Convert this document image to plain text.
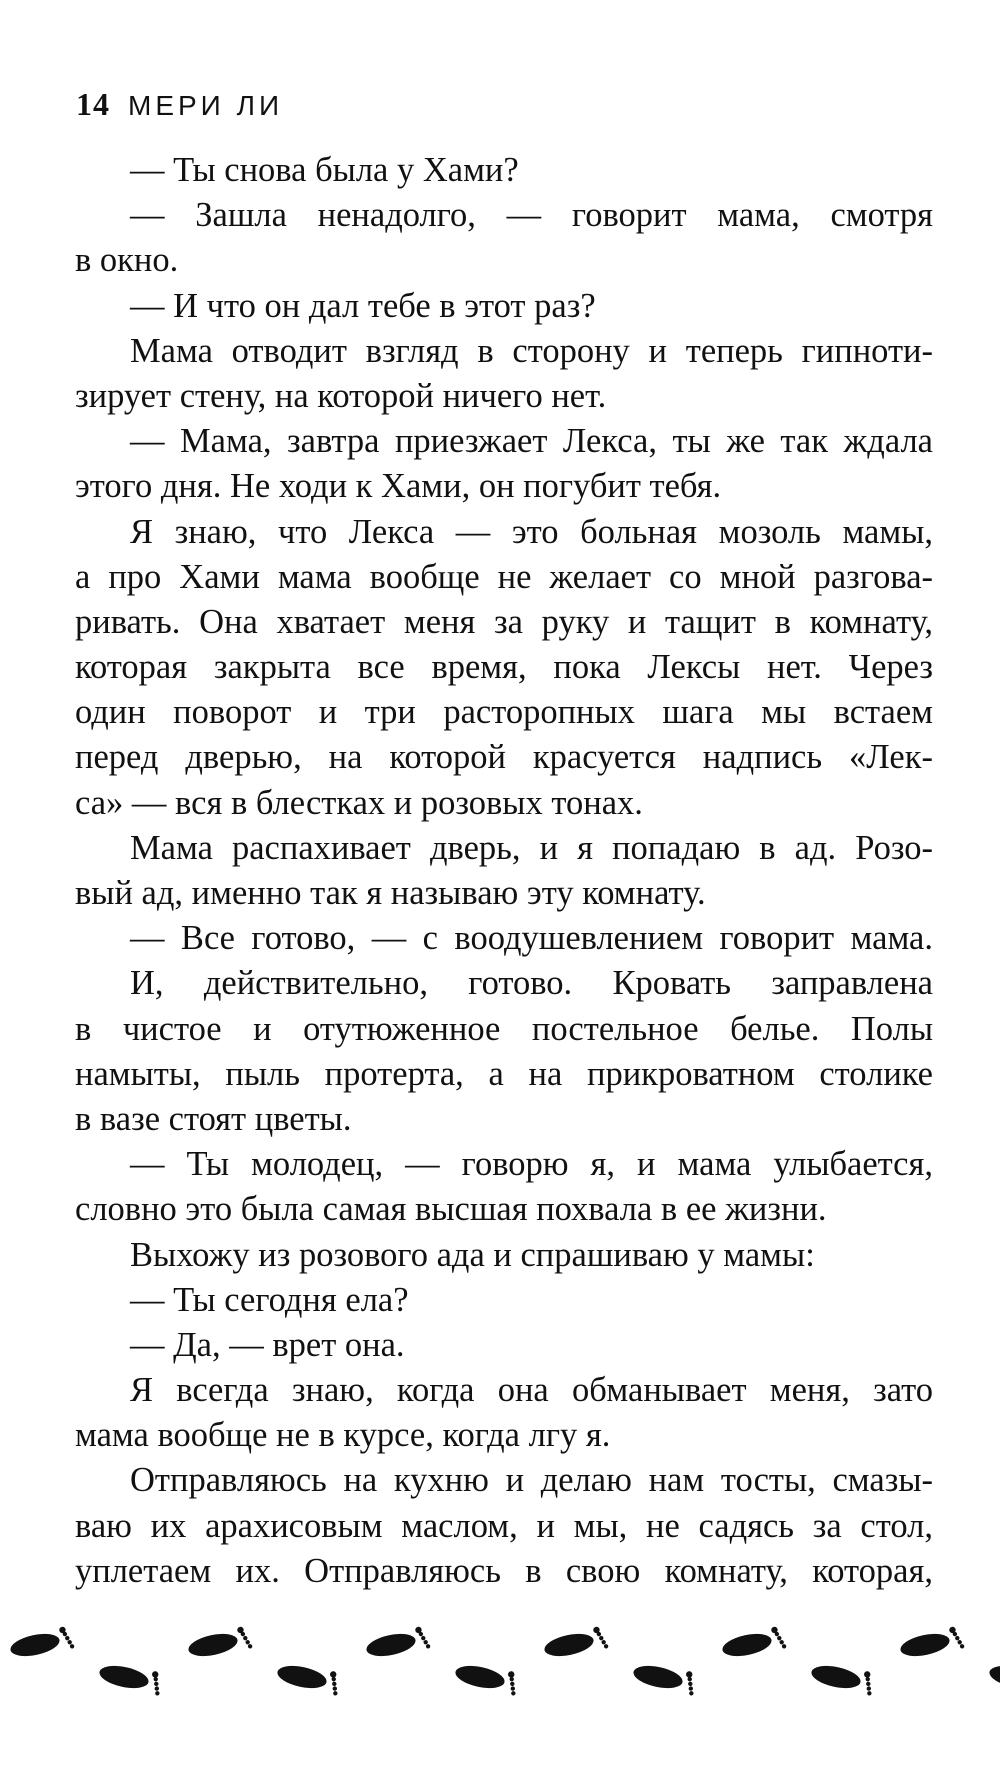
14 МЕРИ ЛИ
— Ты снова была у Хами?
— Зашла ненадолго, — говорит мама, смотря
в окно.
— И что он дал тебе в этот раз?
Мама отводит взгляд в сторону и теперь гипноти-
зирует стену, на которой ничего нет.
— Мама, завтра приезжает Лекса, ты же так ждала
этого дня. Не ходи к Хами, он погубит тебя.
Я знаю, что Лекса — это больная мозоль мамы,
а про Хами мама вообще не желает со мной разгова-
ривать. Она хватает меня за руку и тащит в комнату,
которая закрыта все время, пока Лексы нет. Через
один поворот и три расторопных шага мы встаем
перед дверью, на которой красуется надпись «Лек-
са» — вся в блестках и розовых тонах.
Мама распахивает дверь, и я попадаю в ад. Розо-
вый ад, именно так я называю эту комнату.
— Все готово, — с воодушевлением говорит мама.
И, действительно, готово. Кровать заправлена
в чистое и отутюженное постельное белье. Полы
намыты, пыль протерта, а на прикроватном столике
в вазе стоят цветы.
— Ты молодец, — говорю я, и мама улыбается,
словно это была самая высшая похвала в ее жизни.
Выхожу из розового ада и спрашиваю у мамы:
— Ты сегодня ела?
— Да, — врет она.
Я всегда знаю, когда она обманывает меня, зато
мама вообще не в курсе, когда лгу я.
Отправляюсь на кухню и делаю нам тосты, смазы-
ваю их арахисовым маслом, и мы, не садясь за стол,
уплетаем их. Отправляюсь в свою комнату, которая,
